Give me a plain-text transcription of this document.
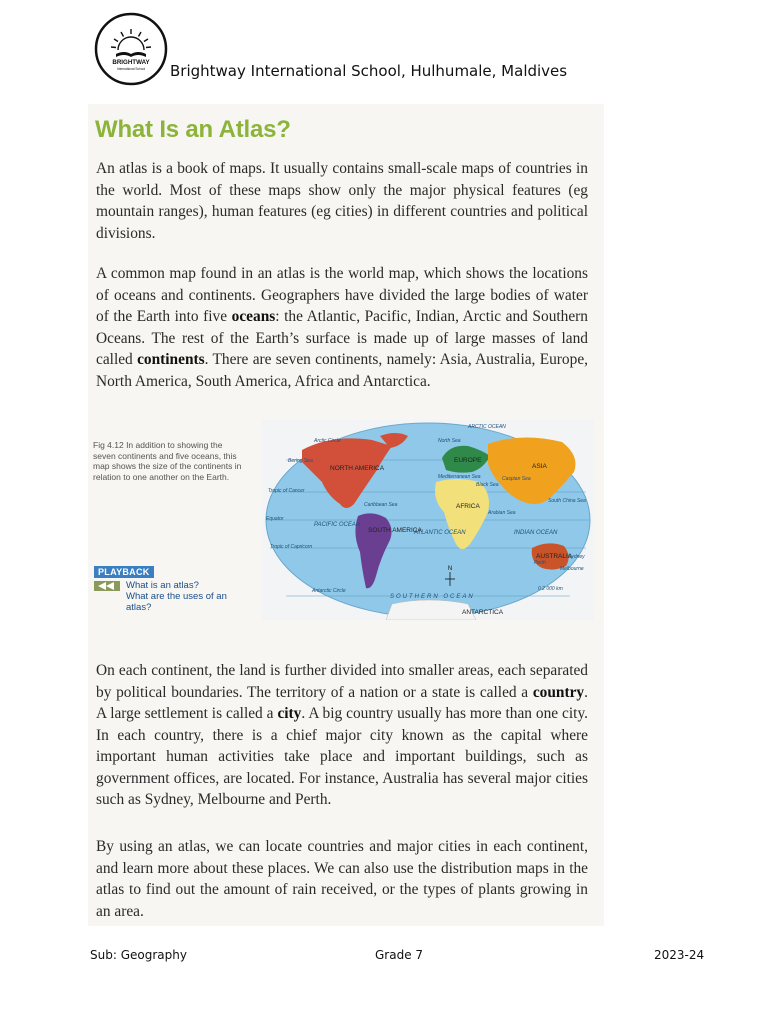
BRIGHTWAY
International School Brightway International School, Hulhumale, Maldives
What Is an Atlas?
An atlas is a book of maps. It usually contains small-scale maps of countries in the world. Most of these maps show only the major physical features (eg mountain ranges), human features (eg cities) in different countries and political divisions.
A common map found in an atlas is the world map, which shows the locations of oceans and continents. Geographers have divided the large bodies of water of the Earth into five oceans: the Atlantic, Pacific, Indian, Arctic and Southern Oceans. The rest of the Earth’s surface is made up of large masses of land called continents. There are seven continents, namely: Asia, Australia, Europe, North America, South America, Africa and Antarctica.
Fig 4.12 In addition to showing the seven continents and five oceans, this map shows the size of the continents in relation to one another on the Earth.
PLAYBACK
What is an atlas?
What are the uses of an atlas?
ARCTIC OCEAN
Arctic Circle
Bering Sea
North Sea
Tropic of Cancer
Black Sea
Caspian Sea
Mediterranean Sea
Caribbean Sea
Arabian Sea
South China Sea
Equator
Tropic of Capricorn
Antarctic Circle
Perth
Sydney
Melbourne
0 2 000 km
PACIFIC OCEAN
ATLANTIC OCEAN	INDIAN OCEAN
SOUTHERN OCEAN
NORTH AMERICA
EUROPE
ASIA
AFRICA
SOUTH AMERICA
AUSTRALIA
ANTARCTICA
N
On each continent, the land is further divided into smaller areas, each separated by political boundaries. The territory of a nation or a state is called a country. A large settlement is called a city. A big country usually has more than one city. In each country, there is a chief major city known as the capital where important human activities take place and important buildings, such as government offices, are located. For instance, Australia has several major cities such as Sydney, Melbourne and Perth.
By using an atlas, we can locate countries and major cities in each continent, and learn more about these places. We can also use the distribution maps in the atlas to find out the amount of rain received, or the types of plants growing in an area.
Sub: Geography	Grade 7	2023-24
